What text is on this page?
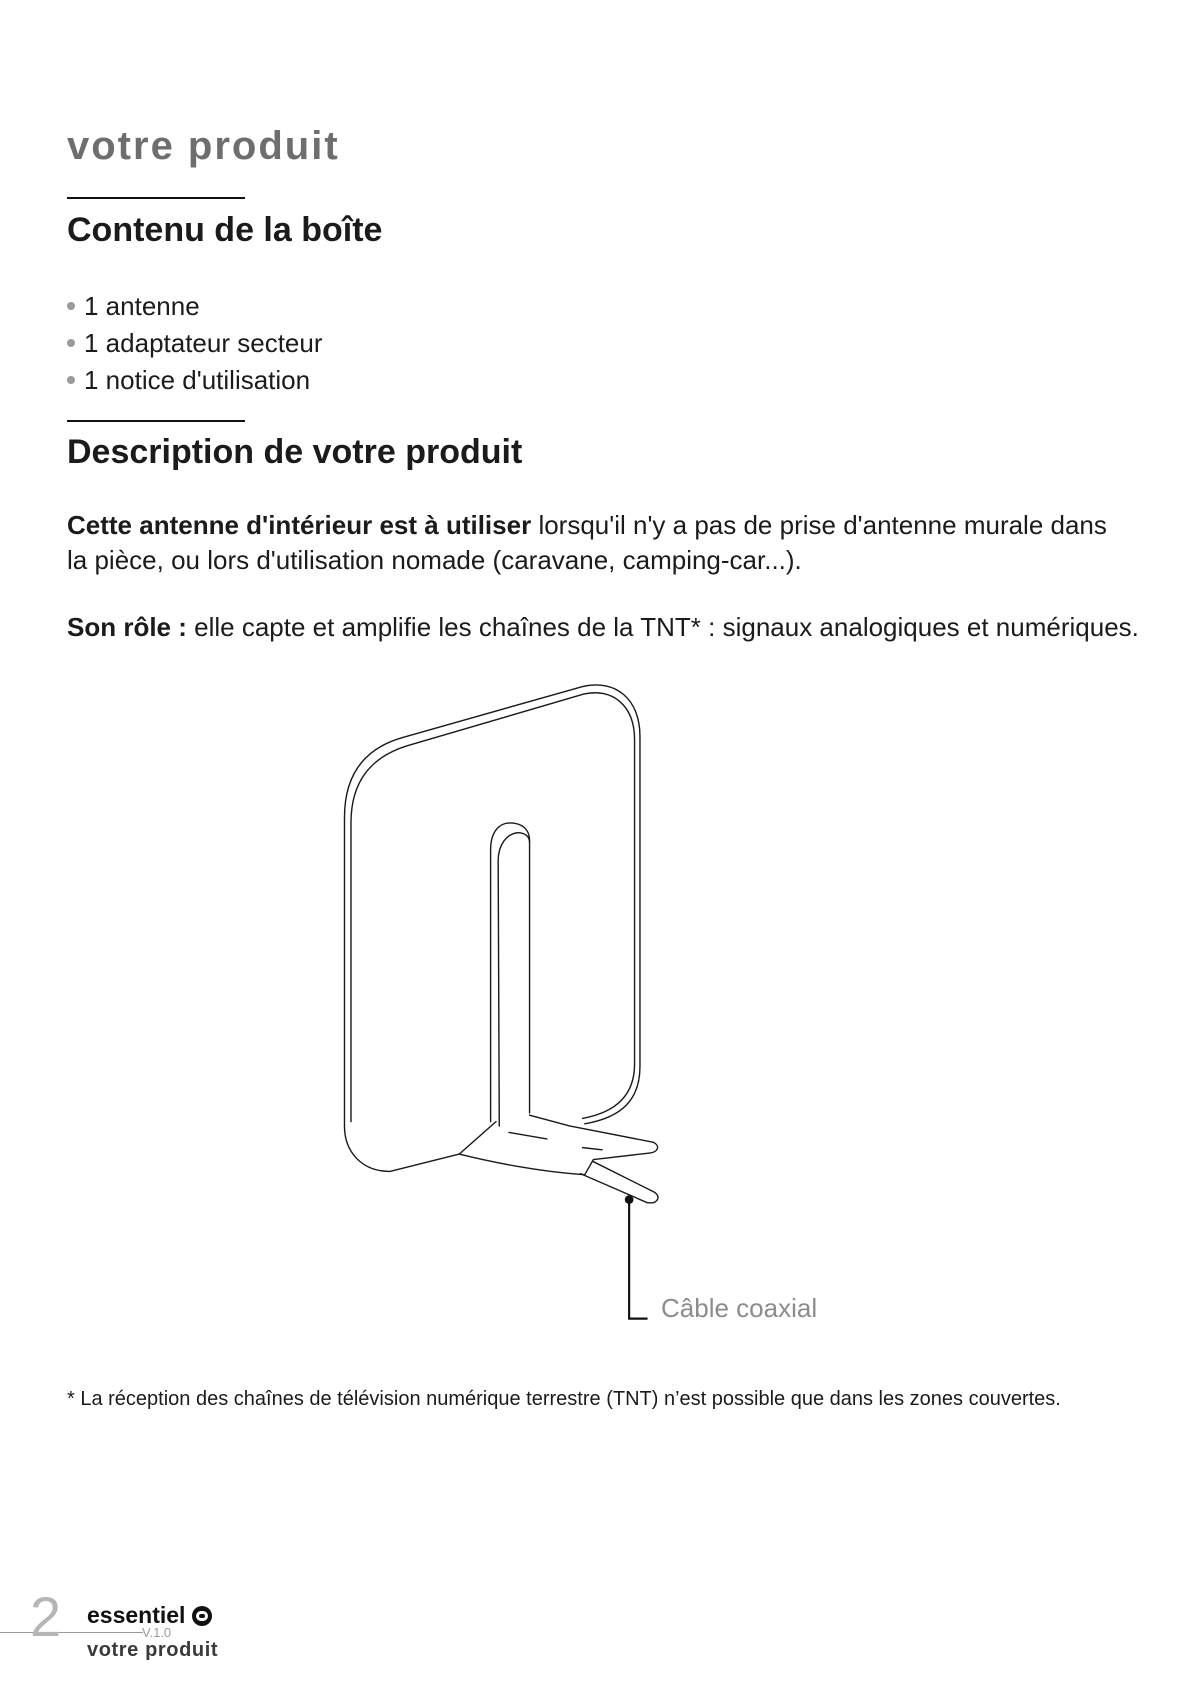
votre produit
Contenu de la boîte
1 antenne
1 adaptateur secteur
1 notice d'utilisation
Description de votre produit
Cette antenne d'intérieur est à utiliser lorsqu'il n'y a pas de prise d'antenne murale dans
la pièce, ou lors d'utilisation nomade (caravane, camping-car...).
Son rôle : elle capte et amplifie les chaînes de la TNT* : signaux analogiques et numériques.
Câble coaxial
* La réception des chaînes de télévision numérique terrestre (TNT) n’est possible que dans les zones couvertes.
2 essentiel
V.1.0
votre produit
